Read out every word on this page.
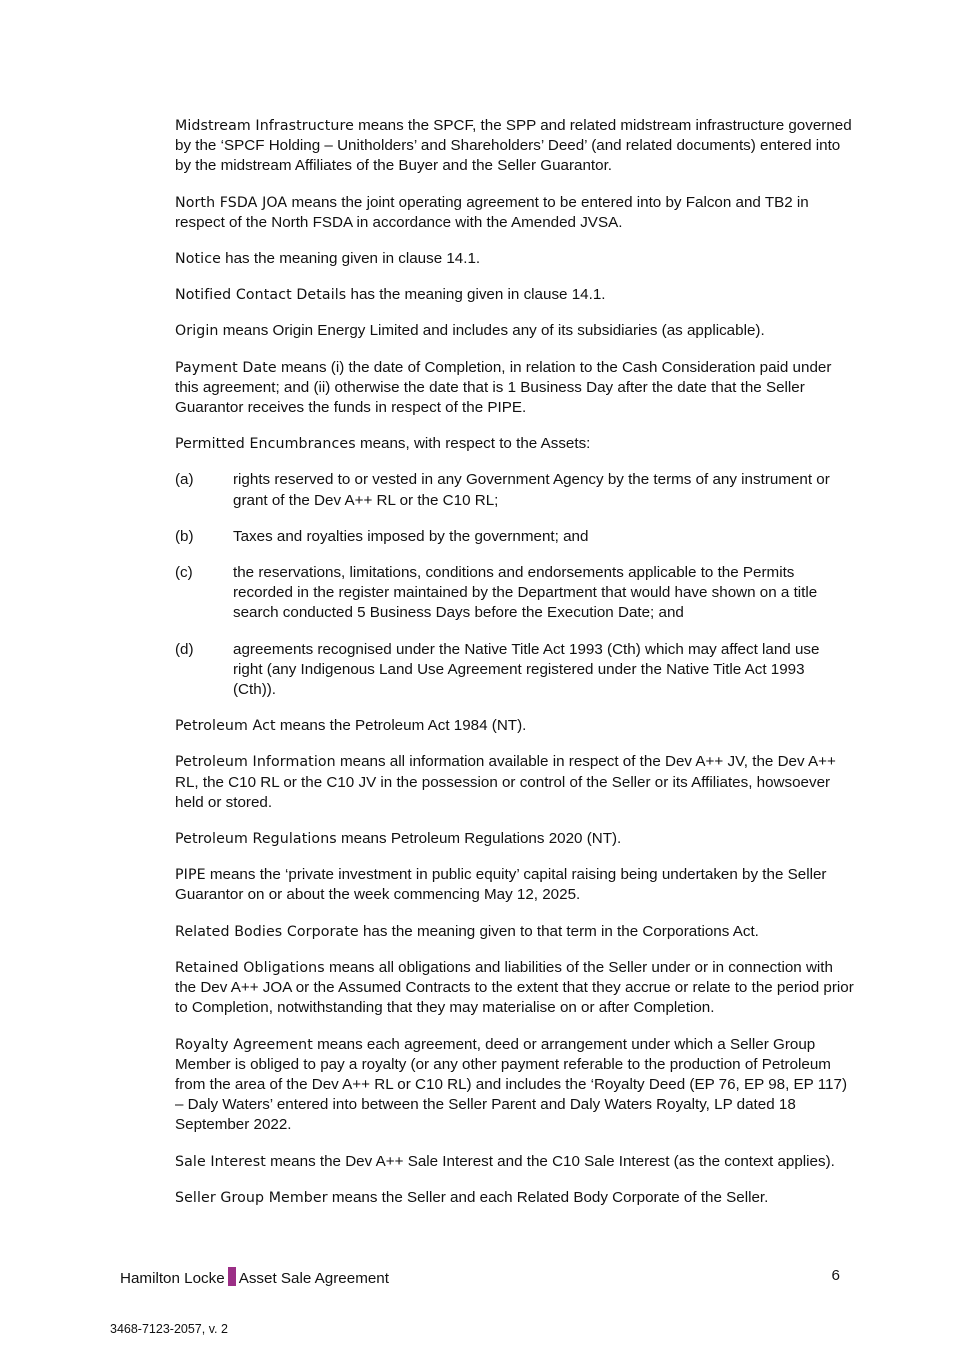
Midstream Infrastructure means the SPCF, the SPP and related midstream infrastructure governed by the ‘SPCF Holding – Unitholders’ and Shareholders’ Deed’ (and related documents) entered into by the midstream Affiliates of the Buyer and the Seller Guarantor.

North FSDA JOA means the joint operating agreement to be entered into by Falcon and TB2 in respect of the North FSDA in accordance with the Amended JVSA.

Notice has the meaning given in clause 14.1.

Notified Contact Details has the meaning given in clause 14.1.

Origin means Origin Energy Limited and includes any of its subsidiaries (as applicable).

Payment Date means (i) the date of Completion, in relation to the Cash Consideration paid under this agreement; and (ii) otherwise the date that is 1 Business Day after the date that the Seller Guarantor receives the funds in respect of the PIPE.

Permitted Encumbrances means, with respect to the Assets:

(a)	rights reserved to or vested in any Government Agency by the terms of any instrument or grant of the Dev A++ RL or the C10 RL;
(b)	Taxes and royalties imposed by the government; and
(c)	the reservations, limitations, conditions and endorsements applicable to the Permits recorded in the register maintained by the Department that would have shown on a title search conducted 5 Business Days before the Execution Date; and
(d)	agreements recognised under the Native Title Act 1993 (Cth) which may affect land use right (any Indigenous Land Use Agreement registered under the Native Title Act 1993 (Cth)).

Petroleum Act means the Petroleum Act 1984 (NT).

Petroleum Information means all information available in respect of the Dev A++ JV, the Dev A++ RL, the C10 RL or the C10 JV in the possession or control of the Seller or its Affiliates, howsoever held or stored.

Petroleum Regulations means Petroleum Regulations 2020 (NT).

PIPE means the ‘private investment in public equity’ capital raising being undertaken by the Seller Guarantor on or about the week commencing May 12, 2025.

Related Bodies Corporate has the meaning given to that term in the Corporations Act.

Retained Obligations means all obligations and liabilities of the Seller under or in connection with the Dev A++ JOA or the Assumed Contracts to the extent that they accrue or relate to the period prior to Completion, notwithstanding that they may materialise on or after Completion.

Royalty Agreement means each agreement, deed or arrangement under which a Seller Group Member is obliged to pay a royalty (or any other payment referable to the production of Petroleum from the area of the Dev A++ RL or C10 RL) and includes the ‘Royalty Deed (EP 76, EP 98, EP 117) – Daly Waters’ entered into between the Seller Parent and Daly Waters Royalty, LP dated 18 September 2022.

Sale Interest means the Dev A++ Sale Interest and the C10 Sale Interest (as the context applies).

Seller Group Member means the Seller and each Related Body Corporate of the Seller.

Hamilton Locke Asset Sale Agreement	6
3468-7123-2057, v. 2
